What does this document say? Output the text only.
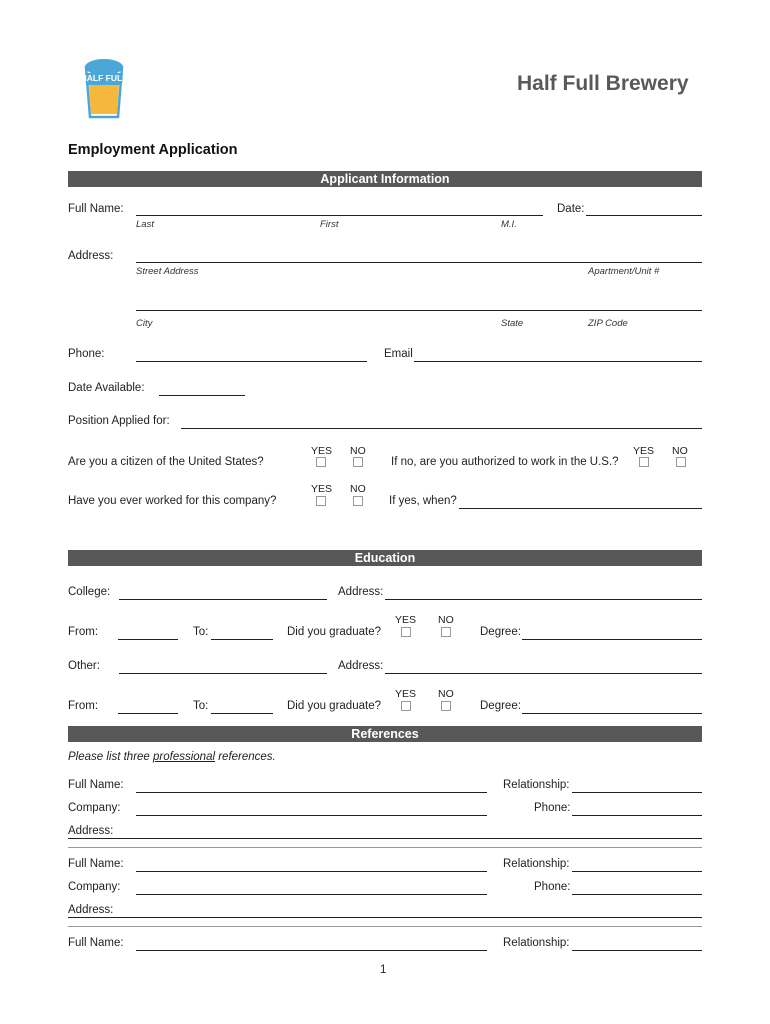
HALF FULL	Half Full Brewery
Employment Application
Applicant Information
Full Name:
Last	First	M.I.
Date:
Address:
Street Address	Apartment/Unit #
City	State	ZIP Code
Phone:	Email
Date Available:
Position Applied for:
YES NO
Are you a citizen of the United States?
YES NO
If no, are you authorized to work in the U.S.?
YES NO
Have you ever worked for this company?	If yes, when?
Education
College:	Address:
YES NO
From:	To:	Did you graduate?	Degree:
Other:	Address:
YES NO
From:	To:	Did you graduate?	Degree:
References
Please list three professional references.
Full Name:	Relationship:
Company:	Phone:
Address:
Full Name:	Relationship:
Company:	Phone:
Address:
Full Name:	Relationship:
1
